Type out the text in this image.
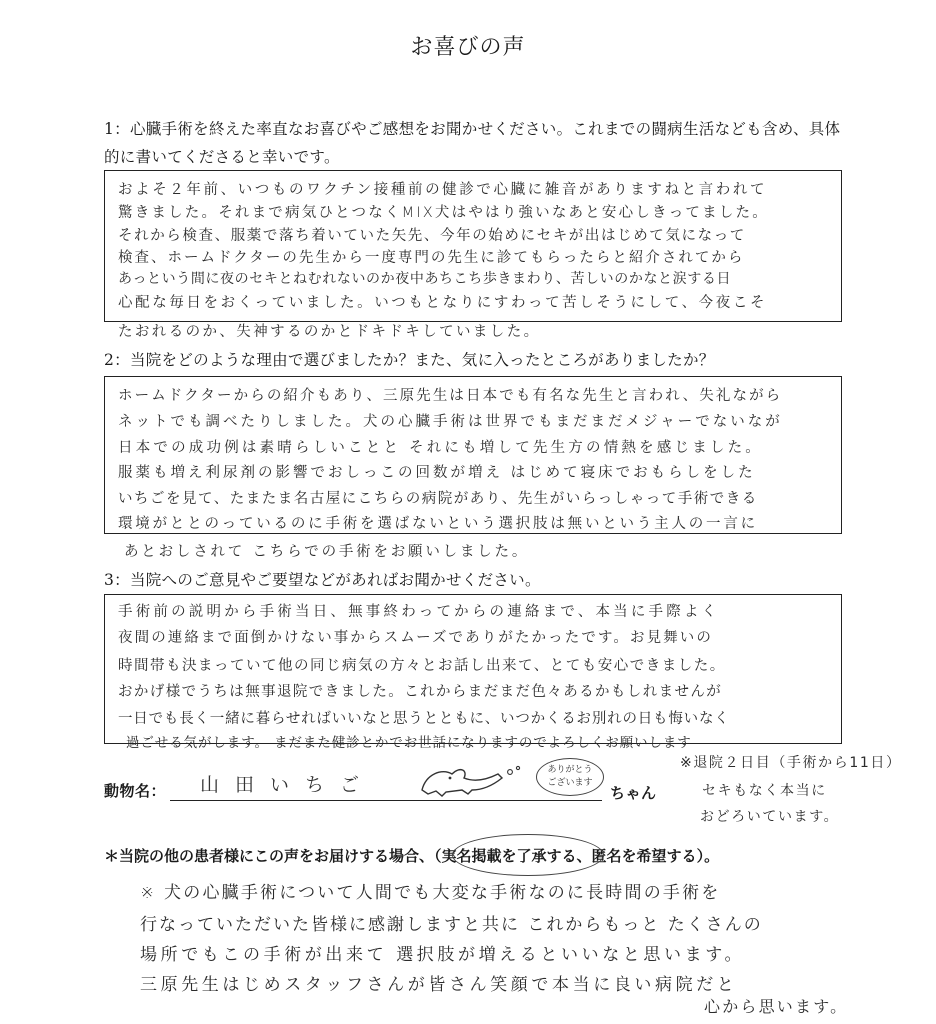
お喜びの声
1：心臓手術を終えた率直なお喜びやご感想をお聞かせください。これまでの闘病生活なども含め、具体
的に書いてくださると幸いです。
およそ２年前、いつものワクチン接種前の健診で心臓に雑音がありますねと言われて
驚きました。それまで病気ひとつなくMIX犬はやはり強いなあと安心しきってました。
それから検査、服薬で落ち着いていた矢先、今年の始めにセキが出はじめて気になって
検査、ホームドクターの先生から一度専門の先生に診てもらったらと紹介されてから
あっという間に夜のセキとねむれないのか夜中あちこち歩きまわり、苦しいのかなと涙する日
心配な毎日をおくっていました。いつもとなりにすわって苦しそうにして、今夜こそ
たおれるのか、失神するのかとドキドキしていました。
2：当院をどのような理由で選びましたか？また、気に入ったところがありましたか？
ホームドクターからの紹介もあり、三原先生は日本でも有名な先生と言われ、失礼ながら
ネットでも調べたりしました。犬の心臓手術は世界でもまだまだメジャーでないなが
日本での成功例は素晴らしいことと それにも増して先生方の情熱を感じました。
服薬も増え利尿剤の影響でおしっこの回数が増え はじめて寝床でおもらしをした
いちごを見て、たまたま名古屋にこちらの病院があり、先生がいらっしゃって手術できる
環境がととのっているのに手術を選ばないという選択肢は無いという主人の一言に
あとおしされて こちらでの手術をお願いしました。
3：当院へのご意見やご要望などがあればお聞かせください。
手術前の説明から手術当日、無事終わってからの連絡まで、本当に手際よく
夜間の連絡まで面倒かけない事からスムーズでありがたかったです。お見舞いの
時間帯も決まっていて他の同じ病気の方々とお話し出来て、とても安心できました。
おかげ様でうちは無事退院できました。これからまだまだ色々あるかもしれませんが
一日でも長く一緒に暮らせればいいなと思うとともに、いつかくるお別れの日も悔いなく
過ごせる気がします。 まだまた健診とかでお世話になりますのでよろしくお願いします
動物名： 山田いちご
ありがとう
ございます
ちゃん
※退院２日目（手術から11日）
セキもなく本当に
おどろいています。
＊当院の他の患者様にこの声をお届けする場合、（実名掲載を了承する、匿名を希望する）。
※ 犬の心臓手術について人間でも大変な手術なのに長時間の手術を
行なっていただいた皆様に感謝しますと共に これからもっと たくさんの
場所でもこの手術が出来て 選択肢が増えるといいなと思います。
三原先生はじめスタッフさんが皆さん笑顔で本当に良い病院だと
心から思います。
